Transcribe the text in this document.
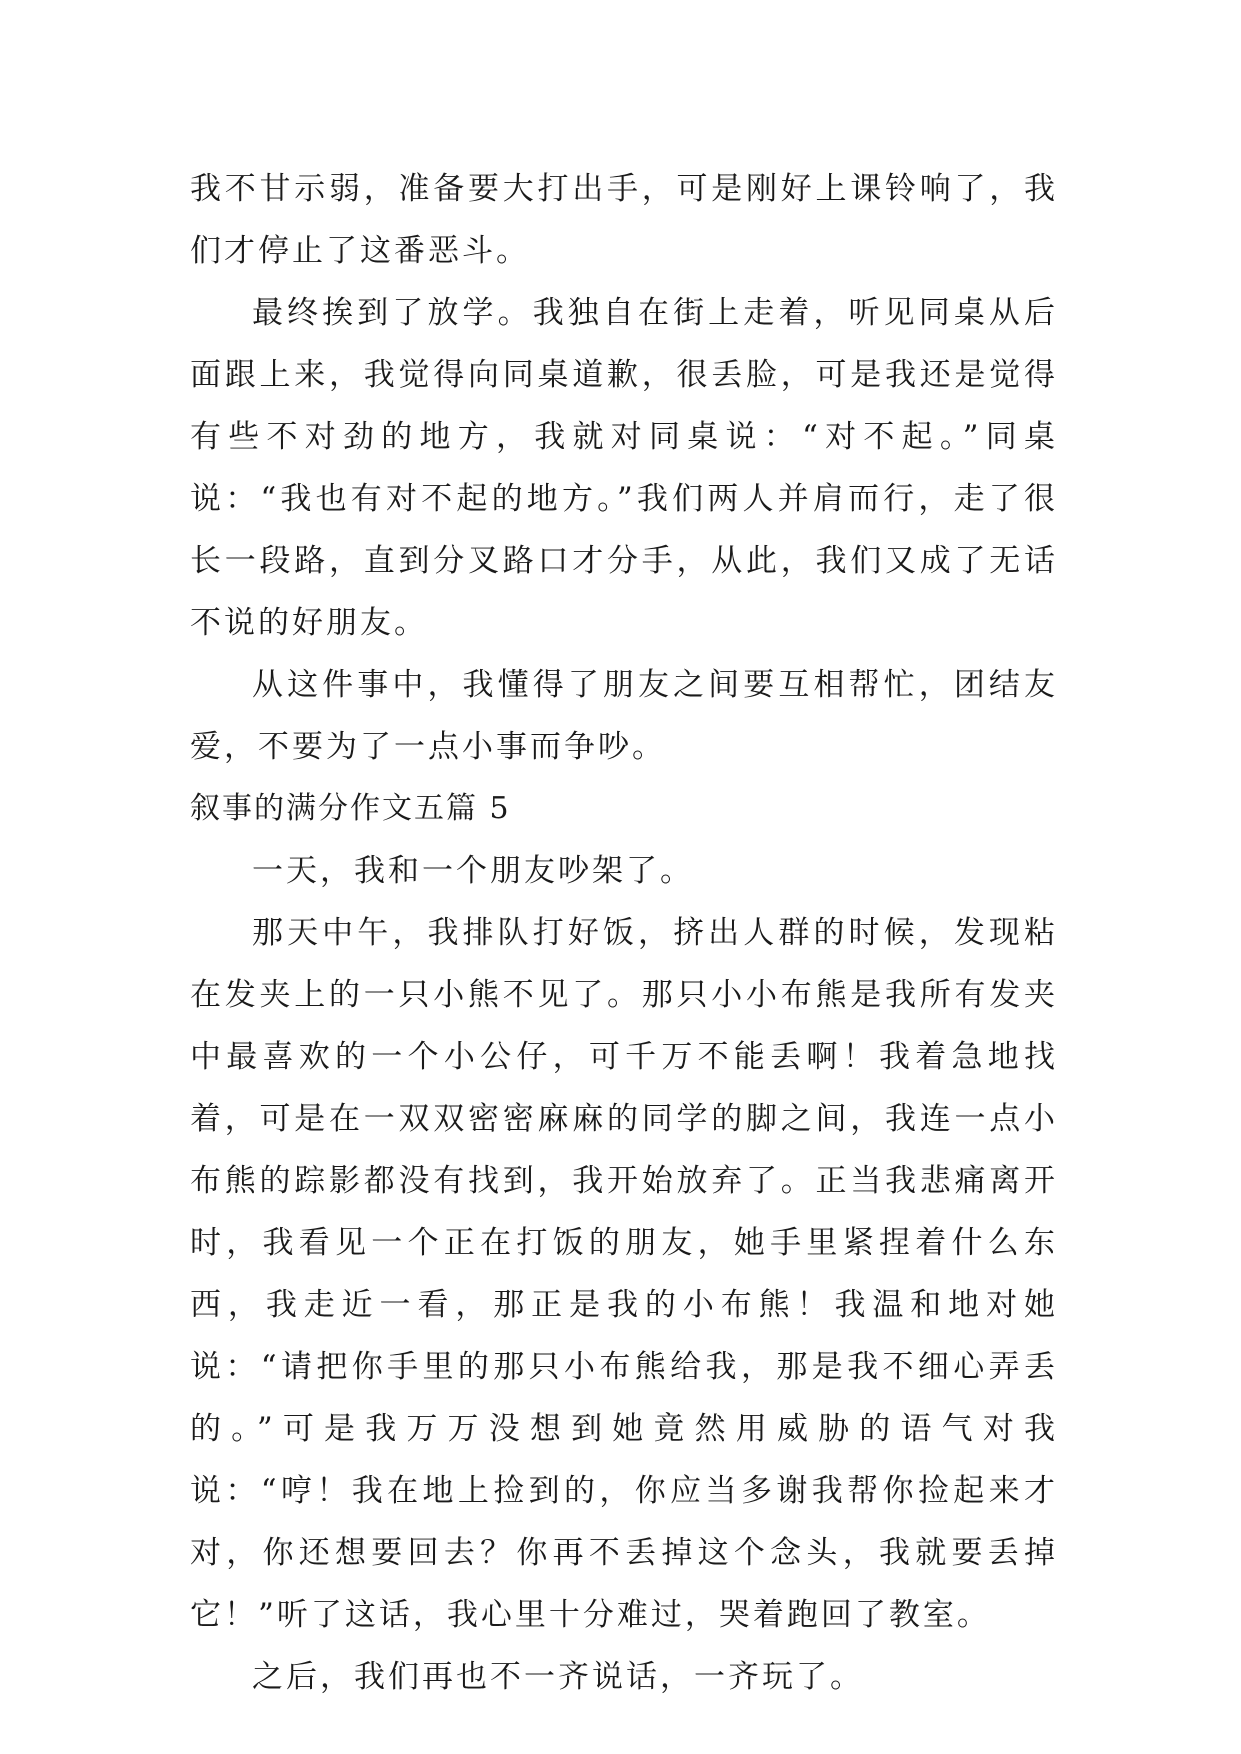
我不甘示弱，准备要大打出手，可是刚好上课铃响了，我们才停止了这番恶斗。

最终挨到了放学。我独自在街上走着，听见同桌从后面跟上来，我觉得向同桌道歉，很丢脸，可是我还是觉得有些不对劲的地方，我就对同桌说：“对不起。”同桌说：“我也有对不起的地方。”我们两人并肩而行，走了很长一段路，直到分叉路口才分手，从此，我们又成了无话不说的好朋友。

从这件事中，我懂得了朋友之间要互相帮忙，团结友爱，不要为了一点小事而争吵。

叙事的满分作文五篇 5

一天，我和一个朋友吵架了。

那天中午，我排队打好饭，挤出人群的时候，发现粘在发夹上的一只小熊不见了。那只小小布熊是我所有发夹中最喜欢的一个小公仔，可千万不能丢啊！我着急地找着，可是在一双双密密麻麻的同学的脚之间，我连一点小布熊的踪影都没有找到，我开始放弃了。正当我悲痛离开时，我看见一个正在打饭的朋友，她手里紧捏着什么东西，我走近一看，那正是我的小布熊！我温和地对她说：“请把你手里的那只小布熊给我，那是我不细心弄丢的。”可是我万万没想到她竟然用威胁的语气对我说：“哼！我在地上捡到的，你应当多谢我帮你捡起来才对，你还想要回去？你再不丢掉这个念头，我就要丢掉它！”听了这话，我心里十分难过，哭着跑回了教室。

之后，我们再也不一齐说话，一齐玩了。
